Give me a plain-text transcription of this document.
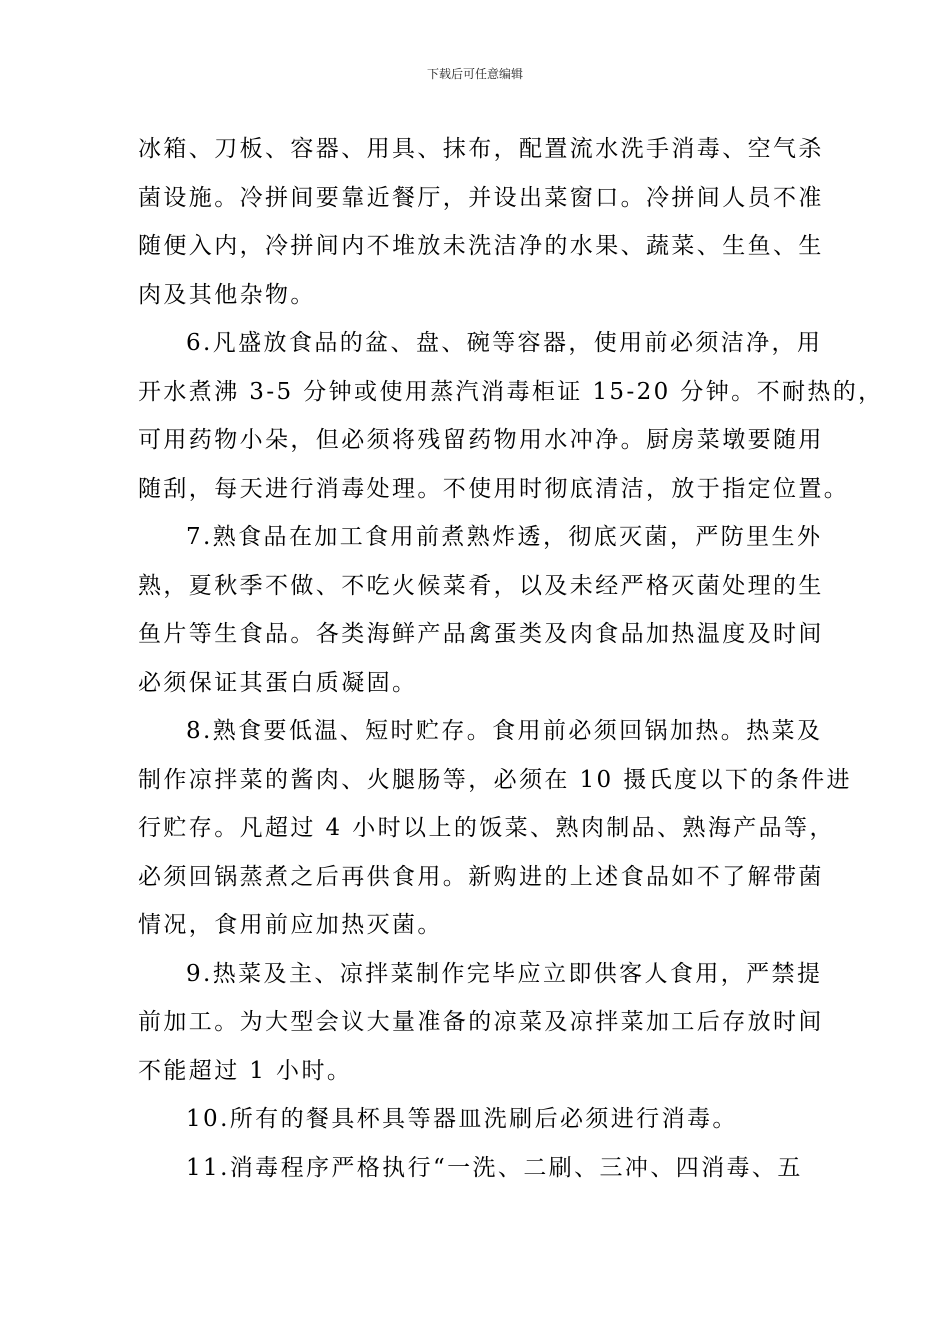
下载后可任意编辑
冰箱、刀板、容器、用具、抹布，配置流水洗手消毒、空气杀
菌设施。冷拼间要靠近餐厅，并设出菜窗口。冷拼间人员不准
随便入内，冷拼间内不堆放未洗洁净的水果、蔬菜、生鱼、生
肉及其他杂物。
6.凡盛放食品的盆、盘、碗等容器，使用前必须洁净，用
开水煮沸 3-5 分钟或使用蒸汽消毒柜证 15-20 分钟。不耐热的，
可用药物小朵，但必须将残留药物用水冲净。厨房菜墩要随用
随刮，每天进行消毒处理。不使用时彻底清洁，放于指定位置。
7.熟食品在加工食用前煮熟炸透，彻底灭菌，严防里生外
熟，夏秋季不做、不吃火候菜肴，以及未经严格灭菌处理的生
鱼片等生食品。各类海鲜产品禽蛋类及肉食品加热温度及时间
必须保证其蛋白质凝固。
8.熟食要低温、短时贮存。食用前必须回锅加热。热菜及
制作凉拌菜的酱肉、火腿肠等，必须在 10 摄氏度以下的条件进
行贮存。凡超过 4 小时以上的饭菜、熟肉制品、熟海产品等，
必须回锅蒸煮之后再供食用。新购进的上述食品如不了解带菌
情况，食用前应加热灭菌。
9.热菜及主、凉拌菜制作完毕应立即供客人食用，严禁提
前加工。为大型会议大量准备的凉菜及凉拌菜加工后存放时间
不能超过 1 小时。
10.所有的餐具杯具等器皿洗刷后必须进行消毒。
11.消毒程序严格执行“一洗、二刷、三冲、四消毒、五
